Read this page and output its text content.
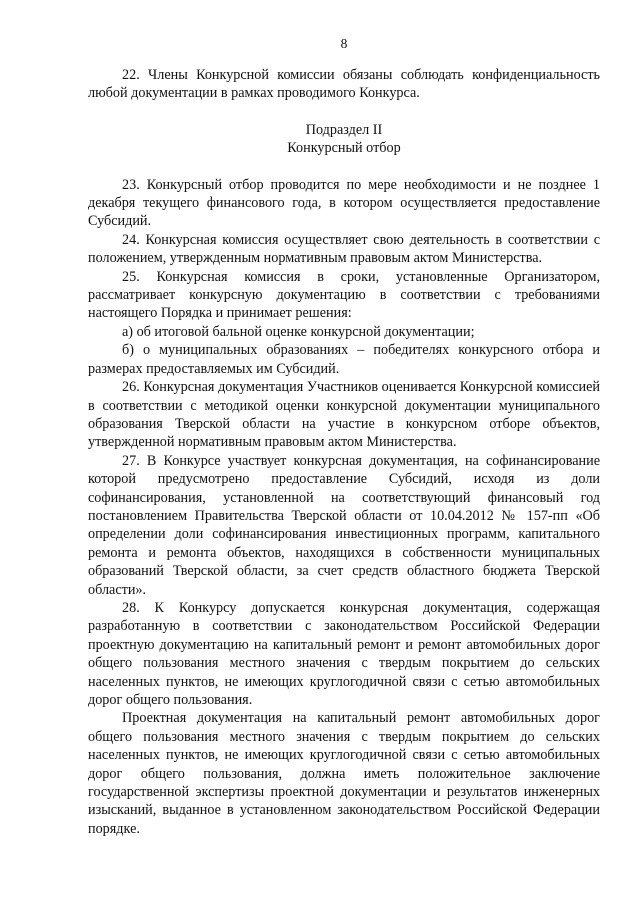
8

22. Члены Конкурсной комиссии обязаны соблюдать конфиденциальность любой документации в рамках проводимого Конкурса.

Подраздел II

Конкурсный отбор

23. Конкурсный отбор проводится по мере необходимости и не позднее 1 декабря текущего финансового года, в котором осуществляется предоставление Субсидий.

24. Конкурсная комиссия осуществляет свою деятельность в соответствии с положением, утвержденным нормативным правовым актом Министерства.

25. Конкурсная комиссия в сроки, установленные Организатором, рассматривает конкурсную документацию в соответствии с требованиями настоящего Порядка и принимает решения:

а) об итоговой бальной оценке конкурсной документации;

б) о муниципальных образованиях – победителях конкурсного отбора и размерах предоставляемых им Субсидий.

26. Конкурсная документация Участников оценивается Конкурсной комиссией в соответствии с методикой оценки конкурсной документации муниципального образования Тверской области на участие в конкурсном отборе объектов, утвержденной нормативным правовым актом Министерства.

27. В Конкурсе участвует конкурсная документация, на софинансирование которой предусмотрено предоставление Субсидий, исходя из доли софинансирования, установленной на соответствующий финансовый год постановлением Правительства Тверской области от 10.04.2012 № 157-пп «Об определении доли софинансирования инвестиционных программ, капитального ремонта и ремонта объектов, находящихся в собственности муниципальных образований Тверской области, за счет средств областного бюджета Тверской области».

28. К Конкурсу допускается конкурсная документация, содержащая разработанную в соответствии с законодательством Российской Федерации проектную документацию на капитальный ремонт и ремонт автомобильных дорог общего пользования местного значения с твердым покрытием до сельских населенных пунктов, не имеющих круглогодичной связи с сетью автомобильных дорог общего пользования.

Проектная документация на капитальный ремонт автомобильных дорог общего пользования местного значения с твердым покрытием до сельских населенных пунктов, не имеющих круглогодичной связи с сетью автомобильных дорог общего пользования, должна иметь положительное заключение государственной экспертизы проектной документации и результатов инженерных изысканий, выданное в установленном законодательством Российской Федерации порядке.
